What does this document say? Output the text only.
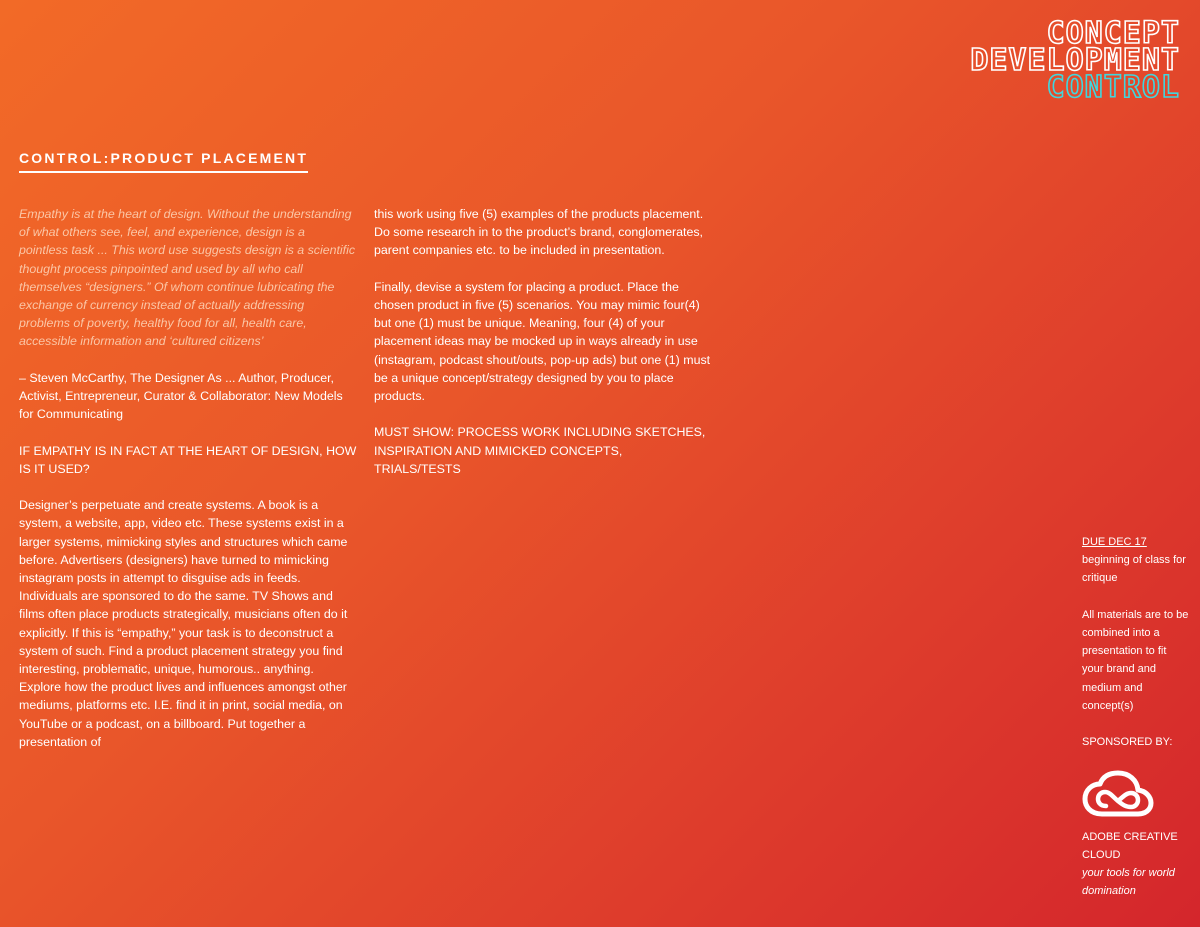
CONCEPT
DEVELOPMENT
CONTROL
CONTROL:PRODUCT PLACEMENT

Empathy is at the heart of design. Without the understanding of what others see, feel, and experience, design is a pointless task ... This word use suggests design is a scientific thought process pinpointed and used by all who call themselves “designers.” Of whom continue lubricating the exchange of currency instead of actually addressing problems of poverty, healthy food for all, health care, accessible information and ‘cultured citizens’

– Steven McCarthy, The Designer As ... Author, Producer, Activist, Entrepreneur, Curator & Collaborator: New Models for Communicating

IF EMPATHY IS IN FACT AT THE HEART OF DESIGN, HOW IS IT USED?

Designer’s perpetuate and create systems. A book is a system, a website, app, video etc. These systems exist in a larger systems, mimicking styles and structures which came before. Advertisers (designers) have turned to mimicking instagram posts in attempt to disguise ads in feeds. Individuals are sponsored to do the same. TV Shows and films often place products strategically, musicians often do it explicitly. If this is “empathy,” your task is to deconstruct a system of such. Find a product placement strategy you find interesting, problematic, unique, humorous.. anything. Explore how the product lives and influences amongst other mediums, platforms etc. I.E. find it in print, social media, on YouTube or a podcast, on a billboard. Put together a presentation of

this work using five (5) examples of the products placement. Do some research in to the product’s brand, conglomerates, parent companies etc. to be included in presentation.

Finally, devise a system for placing a product. Place the chosen product in five (5) scenarios. You may mimic four(4) but one (1) must be unique. Meaning, four (4) of your placement ideas may be mocked up in ways already in use (instagram, podcast shout/outs, pop-up ads) but one (1) must be a unique concept/strategy designed by you to place products.

MUST SHOW: PROCESS WORK INCLUDING SKETCHES, INSPIRATION AND MIMICKED CONCEPTS, TRIALS/TESTS

DUE DEC 17

beginning of class for critique

All materials are to be combined into a presentation to fit your brand and medium and concept(s)

SPONSORED BY:

ADOBE CREATIVE CLOUD
your tools for world domination
